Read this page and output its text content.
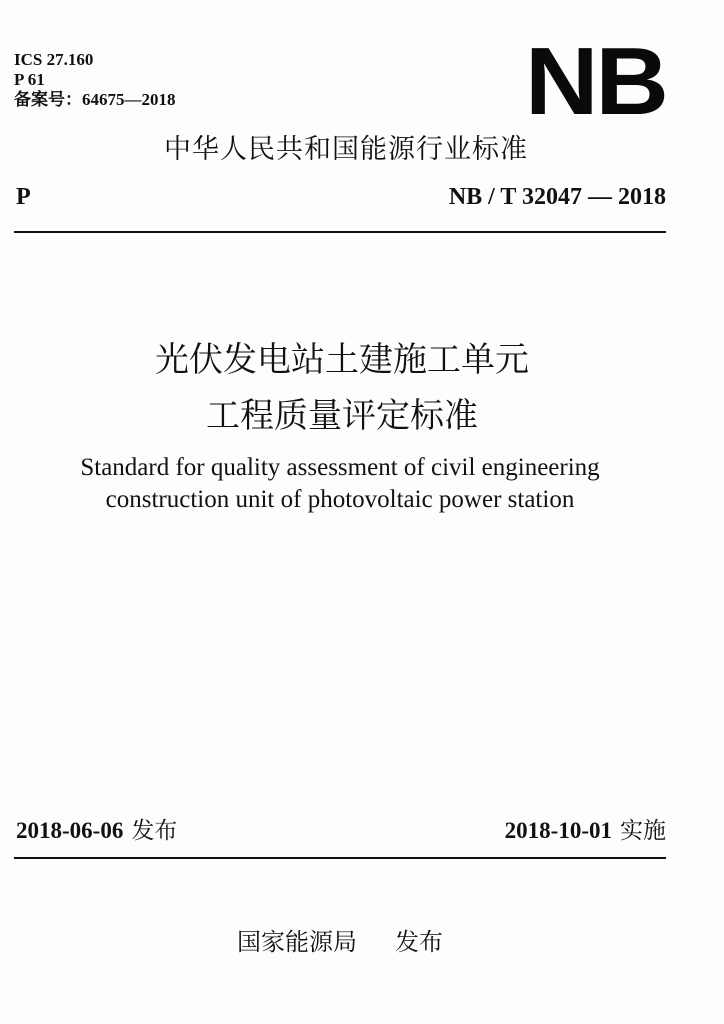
ICS 27.160
P 61
备案号：64675—2018	NB
中华人民共和国能源行业标准
P	NB / T 32047 — 2018
光伏发电站土建施工单元
工程质量评定标准
Standard for quality assessment of civil engineering
construction unit of photovoltaic power station
2018-06-06 发布	2018-10-01 实施
国家能源局 发布
